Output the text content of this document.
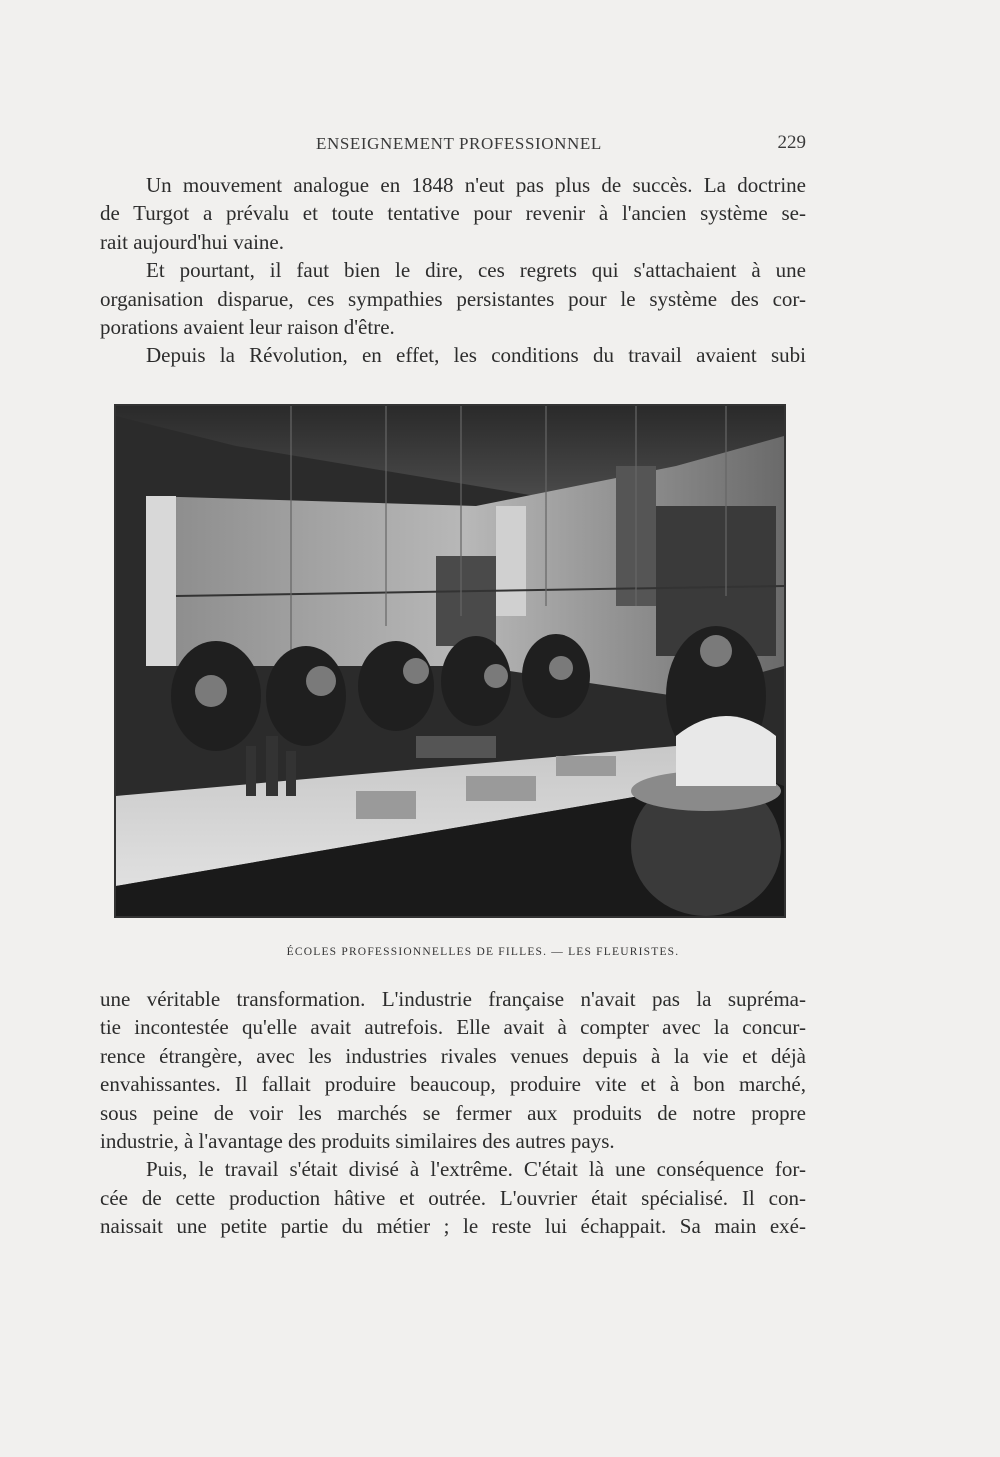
ENSEIGNEMENT PROFESSIONNEL	229
Un mouvement analogue en 1848 n'eut pas plus de succès. La doctrine
de Turgot a prévalu et toute tentative pour revenir à l'ancien système se-
rait aujourd'hui vaine.
Et pourtant, il faut bien le dire, ces regrets qui s'attachaient à une
organisation disparue, ces sympathies persistantes pour le système des cor-
porations avaient leur raison d'être.
Depuis la Révolution, en effet, les conditions du travail avaient subi
ÉCOLES PROFESSIONNELLES DE FILLES. — LES FLEURISTES.
une véritable transformation. L'industrie française n'avait pas la supréma-
tie incontestée qu'elle avait autrefois. Elle avait à compter avec la concur-
rence étrangère, avec les industries rivales venues depuis à la vie et déjà
envahissantes. Il fallait produire beaucoup, produire vite et à bon marché,
sous peine de voir les marchés se fermer aux produits de notre propre
industrie, à l'avantage des produits similaires des autres pays.
Puis, le travail s'était divisé à l'extrême. C'était là une conséquence for-
cée de cette production hâtive et outrée. L'ouvrier était spécialisé. Il con-
naissait une petite partie du métier ; le reste lui échappait. Sa main exé-
